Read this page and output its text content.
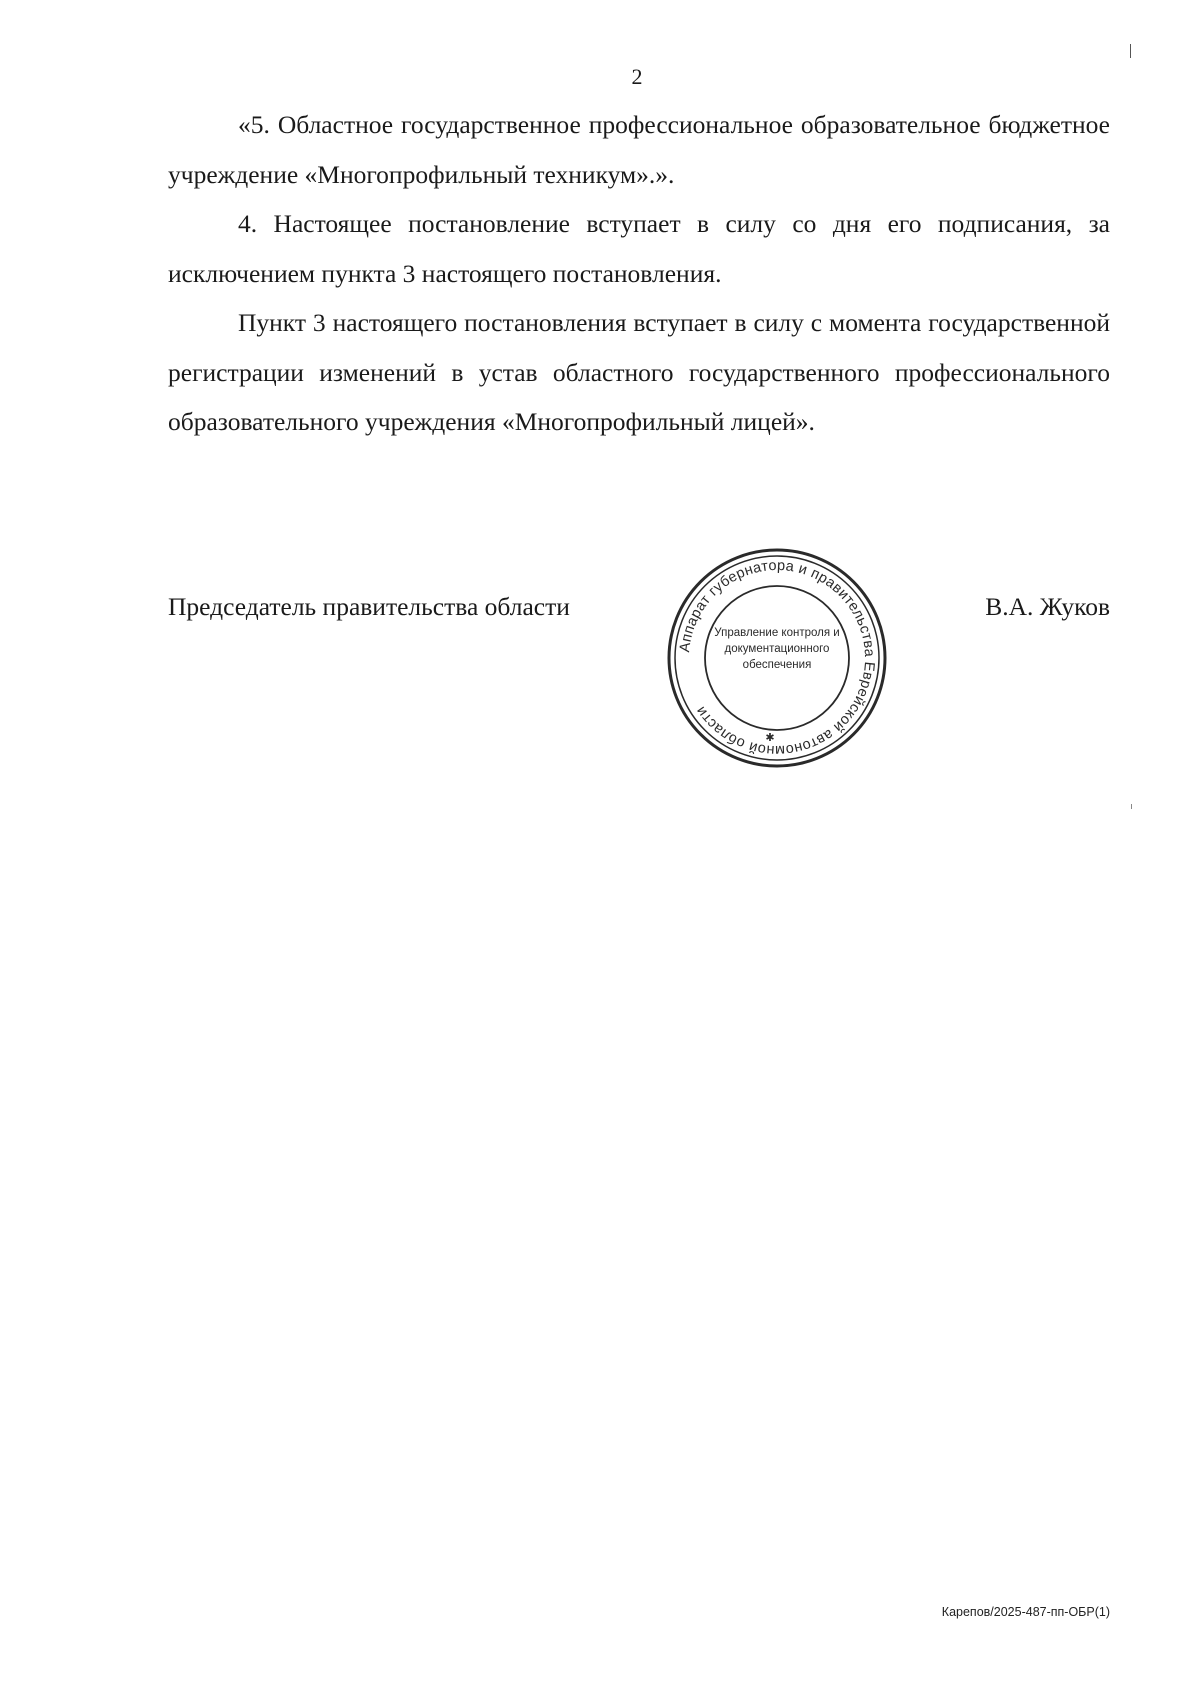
2

«5. Областное государственное профессиональное образовательное бюджетное учреждение «Многопрофильный техникум».».

4. Настоящее постановление вступает в силу со дня его подписания, за исключением пункта 3 настоящего постановления.

Пункт 3 настоящего постановления вступает в силу с момента государственной регистрации изменений в устав областного государственного профессионального образовательного учреждения «Многопрофильный лицей».

Председатель правительства области	В.А. Жуков
Аппарат губернатора и правительства Еврейской автономной области
Управление контроля и
документационного
обеспечения
✱
Карепов/2025-487-пп-ОБР(1)
